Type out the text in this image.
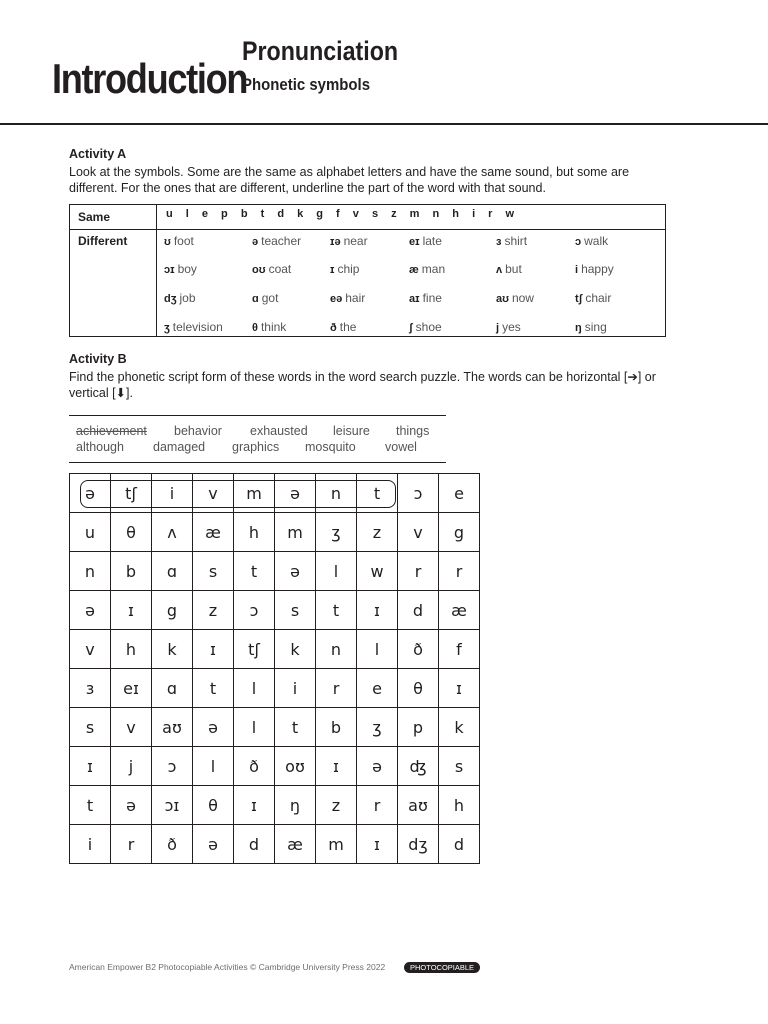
Introduction
Pronunciation
Phonetic symbols
Activity A
Look at the symbols. Some are the same as alphabet letters and have the same sound, but some are different. For the ones that are different, underline the part of the word with that sound.
Same
Different
u l e p b t d k g f v s z m n h i r w
ʊ foot	ə teacher	ɪə near	eɪ late	ɜ shirt	ɔ walk
ɔɪ boy	oʊ coat	ɪ chip	æ man	ʌ but	i happy
dʒ job	ɑ got	eə hair	aɪ fine	aʊ now	tʃ chair
ʒ television	θ think	ð the	ʃ shoe	j yes	ŋ sing
Activity B
Find the phonetic script form of these words in the word search puzzle. The words can be horizontal [➔] or vertical [⬇].
achievement behavior exhausted leisure things
although damaged graphics mosquito vowel
ə	tʃ	i	v	m	ə	n	t	ɔ	e
u	θ	ʌ	æ	h	m	ʒ	z	v	g
n	b	ɑ	s	t	ə	l	w	r	r
ə	ɪ	g	z	ɔ	s	t	ɪ	d	æ
v	h	k	ɪ	tʃ	k	n	l	ð	f
ɜ	eɪ	ɑ	t	l	i	r	e	θ	ɪ
s	v	aʊ	ə	l	t	b	ʒ	p	k
ɪ	j	ɔ	l	ð	oʊ	ɪ	ə	ʤ	s
t	ə	ɔɪ	θ	ɪ	ŋ	z	r	aʊ	h
i	r	ð	ə	d	æ	m	ɪ	dʒ	d
American Empower B2 Photocopiable Activities © Cambridge University Press 2022	PHOTOCOPIABLE
